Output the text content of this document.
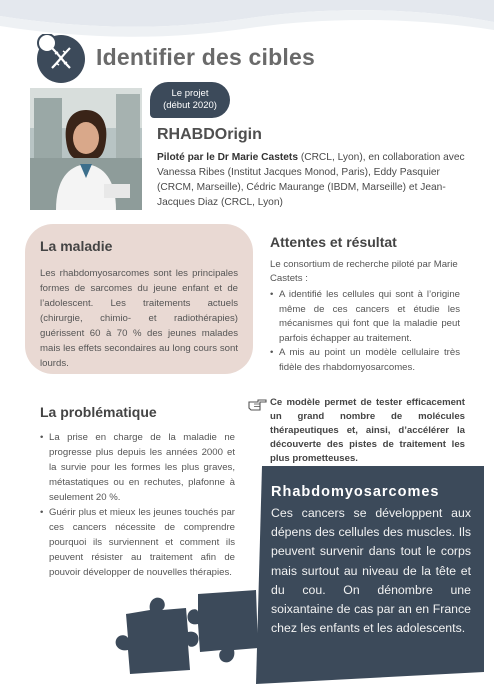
Identifier des cibles
Le projet
(début 2020)
RHABDOrigin
Piloté par le Dr Marie Castets (CRCL, Lyon), en collaboration avec Vanessa Ribes (Institut Jacques Monod, Paris), Eddy Pasquier (CRCM, Marseille), Cédric Maurange (IBDM, Marseille) et Jean-Jacques Diaz (CRCL, Lyon)
La maladie
Les rhabdomyosarcomes sont les principales formes de sarcomes du jeune enfant et de l’adolescent. Les traitements actuels (chirurgie, chimio- et radiothérapies) guérissent 60 à 70 % des jeunes malades mais les effets secondaires au long cours sont lourds.
Attentes et résultat
Le consortium de recherche piloté par Marie Castets :
• A identifié les cellules qui sont à l’origine même de ces cancers et étudie les mécanismes qui font que la maladie peut parfois échapper au traitement.
• A mis au point un modèle cellulaire très fidèle des rhabdomyosarcomes.
Ce modèle permet de tester efficacement un grand nombre de molécules thérapeutiques et, ainsi, d’accélérer la découverte des pistes de traitement les plus prometteuses.
La problématique
• La prise en charge de la maladie ne progresse plus depuis les années 2000 et la survie pour les formes les plus graves, métastatiques ou en rechutes, plafonne à seulement 20 %.
• Guérir plus et mieux les jeunes touchés par ces cancers nécessite de comprendre pourquoi ils surviennent et comment ils peuvent résister au traitement afin de pouvoir développer de nouvelles thérapies.
Rhabdomyosarcomes
Ces cancers se développent aux dépens des cellules des muscles. Ils peuvent survenir dans tout le corps mais surtout au niveau de la tête et du cou. On dénombre une soixantaine de cas par an en France chez les enfants et les adolescents.
